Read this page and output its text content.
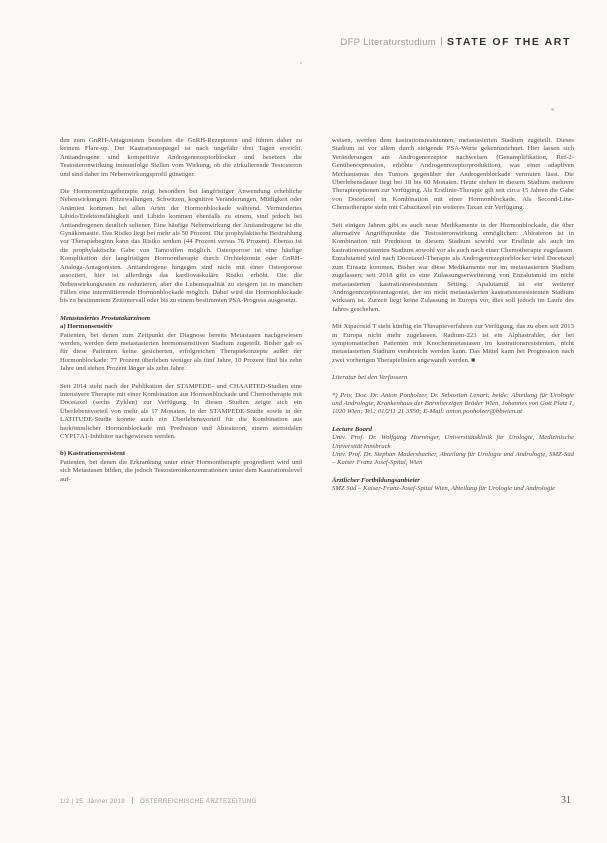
DFP Literaturstudium STATE OF THE ART

den zum GnRH-Antagonisten bestehen die GnRH-Rezeptoren und führen daher zu keinem Flare-up. Der Kastrationsspiegel ist nach ungefähr drei Tagen erreicht. Antiandrogene sind kompetitive Androgenrezeptorblocker und besetzen die Testosteronwirkung immunfolge Stellen vom Wirkung, ob die zirkulierende Testosteron und sind daher im Nebenwirkungsprofil günstiger.

Die Hormonentzugstherapie zeigt besonders bei langfristiger Anwendung erhebliche Nebenwirkungen: Hitzewallungen, Schwitzen, kognitive Veränderungen, Müdigkeit oder Anämien kommen bei allen Arten der Hormonblockade während. Vermindertes Libido/Erektionsfähigkeit und Libido kommen ebenfalls zu einem, sind jedoch bei Antiandrogenen deutlich seltener. Eine häufige Nebenwirkung der Antiandrogene ist die Gynäkomastie. Das Risiko liegt bei mehr als 50 Prozent. Die prophylaktische Bestrahlung vor Therapiebeginn kann das Risiko senken (44 Prozent versus 76 Prozent). Ebenso ist die prophylaktische Gabe von Tamoxifen möglich. Osteoporose ist eine häufige Komplikation der langfristigen Hormontherapie durch Orchiektomie oder GnRH-Analoga-Antagonisten. Antiandrogene hingegen sind nicht mit einer Osteoporose assoziiert, hier ist allerdings das kardiovaskuläre Risiko erhöht. Die die Nebenwirkungsraten zu reduzieren, aber die Lebensqualität zu steigern ist in manchen Fällen eine intermittierende Hormonblockade möglich. Dabei wird die Hormonblockade bis zu bestimmtem Zeitintervall oder bis zu einem bestimmten PSA-Progress ausgesetzt.

Metastasiertes Prostatakarzinom
a) Hormonsensitiv

Patienten, bei denen zum Zeitpunkt der Diagnose bereits Metastasen nachgewiesen werden, werden dem metastasierten hormonsensitiven Stadium zugeteilt. Bisher gab es für diese Patienten keine gesicherten, erfolgreichen Therapiekonzepte außer der Hormonblockade: 77 Prozent überleben weniger als fünf Jahre, 10 Prozent fünf bis zehn Jahre und sieben Prozent länger als zehn Jahre.

Seit 2014 steht nach der Publikation der STAMPEDE- und CHAARTED-Studien eine intensivere Therapie mit einer Kombination aus Hormonblockade und Chemotherapie mit Docetaxel (sechs Zyklen) zur Verfügung. In diesen Studien zeigte sich ein Überlebensvorteil von mehr als 17 Monaten. In der STAMPEDE-Studie sowie in der LATITUDE-Studie konnte auch ein Überlebensvorteil für die Kombination aus herkömmlicher Hormonblockade mit Prednison und Abirateron, einem steroidalen CYP17A1-Inhibitor nachgewiesen werden.

b) Kastrationsresistent

Patienten, bei denen die Erkrankung unter einer Hormontherapie progredient wird und sich Metastasen bilden, die jedoch Testosteronkonzentrationen unter dem Kastrationslevel auf-

weisen, werden dem kastrationsresistenten, metastasierten Stadium zugeteilt. Dieses Stadium ist vor allem durch steigende PSA-Werte gekennzeichnet. Hier lassen sich Veränderungen am Androgenrezeptor nachweisen (Genamplifikation, Ref-2-Genüberexpression, erhöhte Androgenrezeptorproduktion), was einer adaptiven Mechanismus des Tumors gegenüber der Androgenblockade vermuten lässt. Die Überlebensdauer liegt bei 18 bis 60 Monaten. Heute stehen in diesem Stadium mehrere Therapieoptionen zur Verfügung. Als Erstlinie-Therapie gilt seit circa 15 Jahren die Gabe von Docetaxel in Kombination mit einer Hormonblockade. Als Second-Line-Chemotherapie steht mit Cabazitaxel ein weiteres Taxan zur Verfügung.

Seit einigen Jahren gibt es auch neue Medikamente in der Hormonblockade, die über alternative Angriffspunkte die Testosteronwirkung ermöglichen: Abirateron ist in Kombination mit Prednison in diesem Stadium sowohl vor Erstlinie als auch im kastrationsresistenten Stadium sowohl vor als auch nach einer Chemotherapie zugelassen. Enzalutamid wird nach Docetaxel-Therapie als Androgenrezeptorblocker wird Docetaxel zum Einsatz kommen. Bisher war diese Medikamente nur im metastasierten Stadium zugelassen; seit 2018 gibt es eine Zulassungserweiterung von Enzalutamid im nicht metastasierten kastrationsresistenten Setting. Apalutamid ist ein weiterer Androgenrezeptorantagonist, der im nicht metastasierten kastrationsresistenten Stadium wirksam ist. Zurzeit liegt keine Zulassung in Europa vor, dies soll jedoch im Laufe des Jahres geschehen.

Mit Xipacosid T steht künftig ein Therapieverfahren zur Verfügung, das zu eben seit 2013 in Europa nicht mehr zugelassen. Radium-223 ist ein Alphastrahler, der bei symptomatischen Patienten mit Knochenmetastasen im kastrationsresistenten, nicht metastasierten Stadium verabreicht werden kann. Das Mittel kann bei Progression nach zwei vorherigen Therapielinien angewandt werden. ■

Literatur bei den Verfassern

*) Priv. Doz. Dr. Anton Ponholzer, Dr. Sebastian Lenart; beide: Abteilung für Urologie und Andrologie, Krankenhaus der Barmherzigen Brüder Wien, Johannes von Gott Platz 1, 1020 Wien; Tel.: 01/211 21 3550; E-Mail: anton.ponholzer@bbwien.at

Lecture Board
Univ. Prof. Dr. Wolfgang Horninger, Universitätsklinik für Urologie, Medizinische Universität Innsbruck

Univ. Prof. Dr. Stephan Madersbacher, Abteilung für Urologie und Andrologie, SMZ-Süd – Kaiser Franz Josef-Spital, Wien

Ärztlicher Fortbildungsanbieter

SMZ Süd – Kaiser-Franz-Josef-Spital Wien, Abteilung für Urologie und Andrologie

1/2 | 25. Jänner 2019	ÖSTERREICHISCHE ÄRZTEZEITUNG	31
